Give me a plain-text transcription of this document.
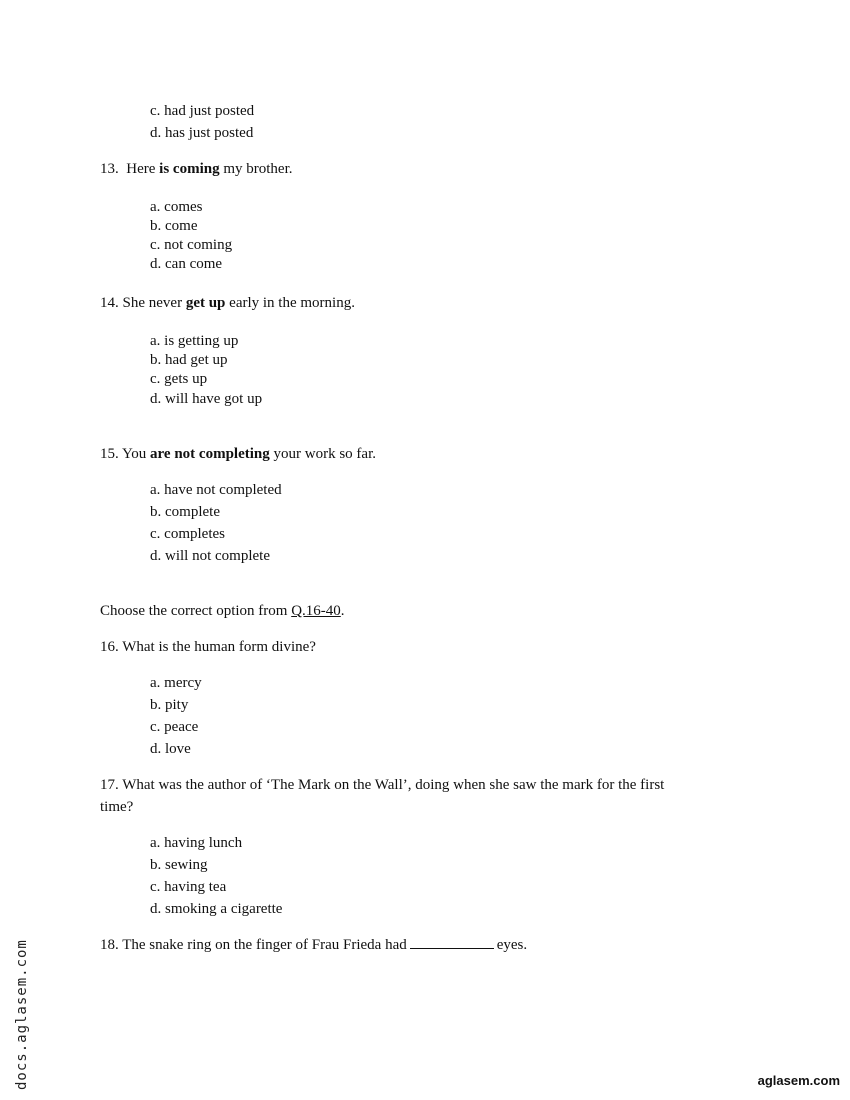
c. had just posted
d. has just posted
13. Here is coming my brother.
a. comes
b. come
c. not coming
d. can come
14. She never get up early in the morning.
a. is getting up
b. had get up
c. gets up
d. will have got up
15. You are not completing your work so far.
a. have not completed
b. complete
c. completes
d. will not complete
Choose the correct option from Q.16-40.
16. What is the human form divine?
a. mercy
b. pity
c. peace
d. love
17. What was the author of ‘The Mark on the Wall’, doing when she saw the mark for the first
time?
a. having lunch
b. sewing
c. having tea
d. smoking a cigarette
18. The snake ring on the finger of Frau Frieda had	eyes.
docs.aglasem.com	aglasem.com
